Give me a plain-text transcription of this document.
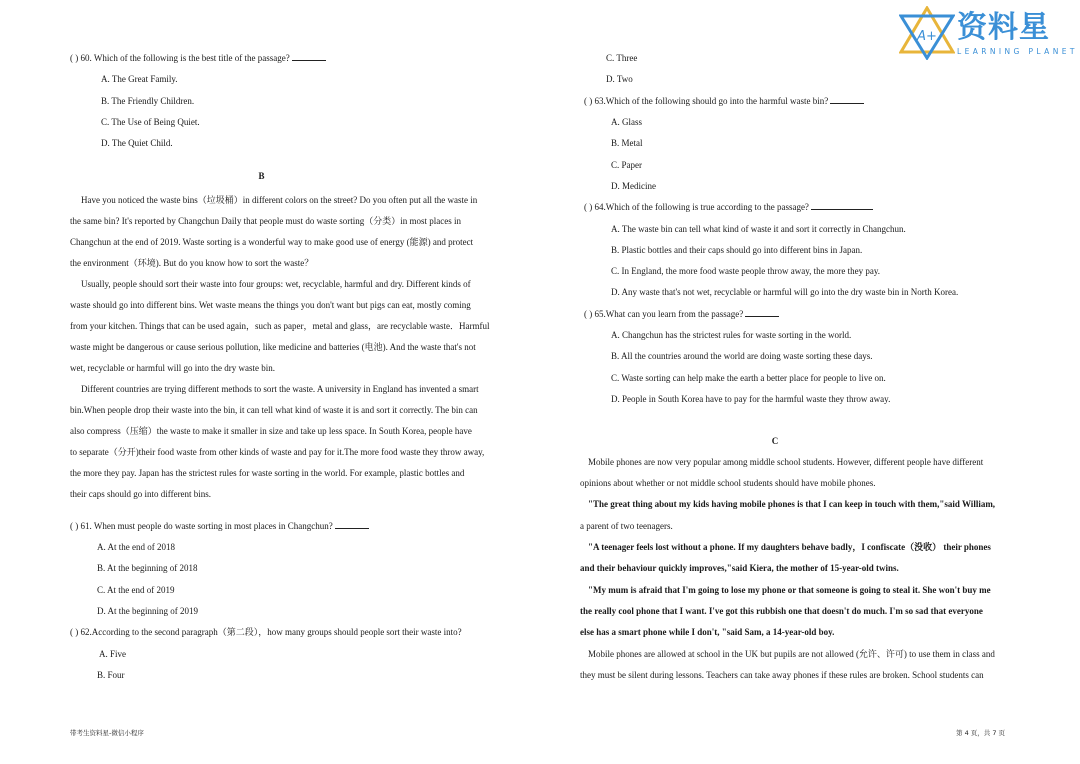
A+ 资料星
LEARNING PLANET
( ) 60. Which of the following is the best title of the passage?
A. The Great Family.
B. The Friendly Children.
C. The Use of Being Quiet.
D. The Quiet Child.
B
Have you noticed the waste bins（垃圾桶）in different colors on the street? Do you often put all the waste in
the same bin? It's reported by Changchun Daily that people must do waste sorting（分类）in most places in
Changchun at the end of 2019. Waste sorting is a wonderful way to make good use of energy (能源) and protect
the environment（环境). But do you know how to sort the waste？
Usually, people should sort their waste into four groups: wet, recyclable, harmful and dry. Different kinds of
waste should go into different bins. Wet waste means the things you don't want but pigs can eat, mostly coming
from your kitchen. Things that can be used again，such as paper，metal and glass，are recyclable waste．Harmful
waste might be dangerous or cause serious pollution, like medicine and batteries (电池). And the waste that's not
wet, recyclable or harmful will go into the dry waste bin.
Different countries are trying different methods to sort the waste. A university in England has invented a smart
bin.When people drop their waste into the bin, it can tell what kind of waste it is and sort it correctly. The bin can
also compress（压缩）the waste to make it smaller in size and take up less space. In South Korea, people have
to separate（分开)their food waste from other kinds of waste and pay for it.The more food waste they throw away,
the more they pay. Japan has the strictest rules for waste sorting in the world. For example, plastic bottles and
their caps should go into different bins.
( ) 61. When must people do waste sorting in most places in Changchun?
A. At the end of 2018
B. At the beginning of 2018
C. At the end of 2019
D. At the beginning of 2019
( ) 62.According to the second paragraph（第二段），how many groups should people sort their waste into?
A. Five
B. Four
C. Three
D. Two
( ) 63.Which of the following should go into the harmful waste bin?
A. Glass
B. Metal
C. Paper
D. Medicine
( ) 64.Which of the following is true according to the passage?
A. The waste bin can tell what kind of waste it and sort it correctly in Changchun.
B. Plastic bottles and their caps should go into different bins in Japan.
C. In England, the more food waste people throw away, the more they pay.
D. Any waste that's not wet, recyclable or harmful will go into the dry waste bin in North Korea.
( ) 65.What can you learn from the passage?
A. Changchun has the strictest rules for waste sorting in the world.
B. All the countries around the world are doing waste sorting these days.
C. Waste sorting can help make the earth a better place for people to live on.
D. People in South Korea have to pay for the harmful waste they throw away.
C
Mobile phones are now very popular among middle school students. However, different people have different
opinions about whether or not middle school students should have mobile phones.
"The great thing about my kids having mobile phones is that I can keep in touch with them,"said William,
a parent of two teenagers.
"A teenager feels lost without a phone. If my daughters behave badly，I confiscate（没收） their phones
and their behaviour quickly improves,"said Kiera, the mother of 15-year-old twins.
"My mum is afraid that I'm going to lose my phone or that someone is going to steal it. She won't buy me
the really cool phone that I want. I've got this rubbish one that doesn't do much. I'm so sad that everyone
else has a smart phone while I don't, "said Sam, a 14-year-old boy.
Mobile phones are allowed at school in the UK but pupils are not allowed (允许、许可) to use them in class and
they must be silent during lessons. Teachers can take away phones if these rules are broken. School students can
带考生资料星-微信小程序	第 4 页，共 7 页
